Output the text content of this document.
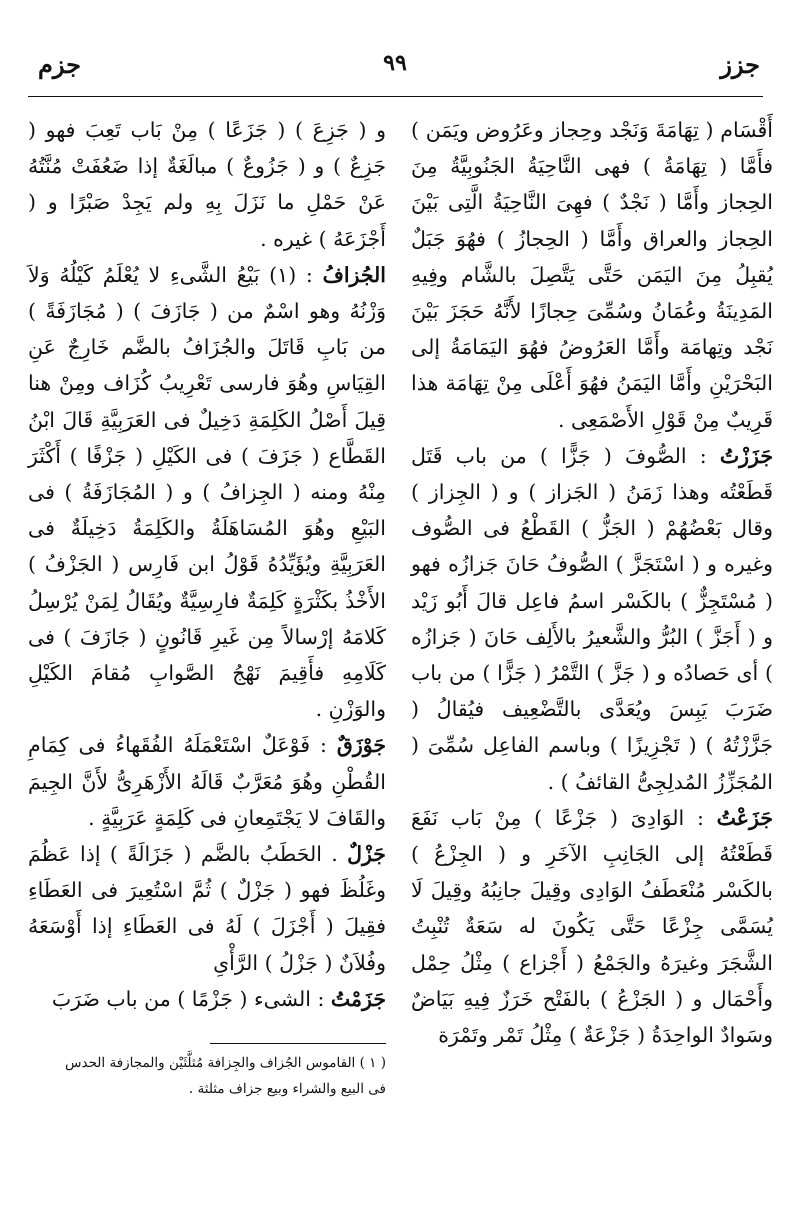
جزز
٩٩
جزم

أَقْسَام ( تِهَامَةَ وَنَجْد وحِجاز وعَرُوض ويَمَن ) فأَمَّا ( تِهَامَةُ ) فهى النَّاحِيَةُ الجَنُوبِيَّةُ مِنَ الحِجاز وأَمَّا ( نَجْدٌ ) فهِىَ النَّاحِيَةُ الَّتِى بَيْنَ الحِجاز والعراق وأَمَّا ( الحِجازُ ) فهُوَ جَبَلٌ يُقبِلُ مِنَ اليَمَن حَتَّى يَتَّصِلَ بالشَّام وفِيهِ المَدِينَةُ وعُمَانُ وسُمِّىَ حِجازًا لأَنَّهُ حَجَزَ بَيْنَ نَجْد وتِهامَة وأَمَّا العَرُوضُ فهُوَ اليَمَامَةُ إلى البَحْرَيْنِ وأَمَّا اليَمَنُ فهُوَ أَعْلَى مِنْ تِهَامَة هذا قَرِيبٌ مِنْ قَوْلِ الأَصْمَعِى .

جَزَزْتُ : الصُّوفَ ( جَزًّا ) من باب قَتَل قَطَعْتُه وهذا زَمَنُ ( الجَزاز ) و ( الجِزاز ) وقال بَعْضُهُمْ ( الجَزُّ ) القَطْعُ فى الصُّوف وغيره و ( اسْتَجَزَّ ) الصُّوفُ حَانَ جَزازُه فهو ( مُسْتَجِزٌّ ) بالكَسْر اسمُ فاعِل قالَ أَبُو زَيْد و ( أَجَزَّ ) البُرُّ والشَّعيرُ بالأَلِف حَانَ ( جَزازُه ) أى حَصادُه و ( جَزَّ ) التَّمْرُ ( جَزًّا ) من باب ضَرَبَ يَبِسَ ويُعَدَّى بالتَّضْعِيف فيُقالُ ( جَزَّزْتُهُ ) ( تَجْزِيزًا ) وباسم الفاعِل سُمِّىَ ( المُجَزِّزُ المُدلِجِىُّ القائفُ ) .

جَزَعْتُ : الوَادِىَ ( جَزْعًا ) مِنْ بَاب نَفَعَ قَطَعْتُهُ إلى الجَانِبِ الآخَرِ و ( الجِزْعُ ) بالكَسْر مُنْعَطَفُ الوَادِى وقِيلَ جانِبُهُ وقِيلَ لَا يُسَمَّى جِزْعًا حَتَّى يَكُونَ له سَعَةٌ تُنْبِتُ الشَّجَرَ وغيرَهُ والجَمْعُ ( أَجْزاع ) مِثْلُ حِمْل وأَحْمَال و ( الجَزْعُ ) بالفَتْح خَرَزٌ فِيهِ بَيَاضٌ وسَوادٌ الواحِدَةُ ( جَزْعَةٌ ) مِثْلُ تَمْر وتَمْرَة

و ( جَزِعَ ) ( جَزَعًا ) مِنْ بَاب تَعِبَ فهو ( جَزِعٌ ) و ( جَزُوعٌ ) مبالَغَةٌ إذا ضَعُفَتْ مُنَّتُهُ عَنْ حَمْلِ ما نَزَلَ بِهِ ولم يَجِدْ صَبْرًا و ( أَجْزَعَهُ ) غيره .

الجُزافُ : (١) بَيْعُ الشَّىءِ لا يُعْلَمُ كَيْلُهُ وَلاَ وَزْنُهُ وهو اسْمٌ من ( جَازَفَ ) ( مُجَازَفَةً ) من بَابِ قَاتَلَ والجُزَافُ بالضَّم خَارِجٌ عَنِ القِيَاسِ وهُوَ فارسى تَعْرِيبُ كُزَاف ومِنْ هنا قِيلَ أَصْلُ الكَلِمَةِ دَخِيلٌ فى العَرَبِيَّةِ قَالَ ابْنُ القَطَّاع ( جَزَفَ ) فى الكَيْلِ ( جَزْفًا ) أَكْثَرَ مِنْهُ ومنه ( الجِزافُ ) و ( المُجَازَفَةُ ) فى البَيْعِ وهُوَ المُسَاهَلَةُ والكَلِمَةُ دَخِيلَةٌ فى العَرَبِيَّةِ ويُؤَيِّدُهُ قَوْلُ ابن فَارِس ( الجَزْفُ ) الأَخْذُ بكَثْرَةٍ كَلِمَةٌ فارِسِيَّةٌ ويُقَالُ لِمَنْ يُرْسِلُ كَلامَهُ إرْسالاً مِن غَيرِ قَانُونٍ ( جَازَفَ ) فى كَلَامِهِ فأَقِيمَ نَهْجُ الصَّوابِ مُقامَ الكَيْلِ والوَزْنِ .

جَوْزَقٌ : فَوْعَلٌ اسْتَعْمَلَهُ الفُقَهاءُ فى كِمَامِ القُطْنِ وهُوَ مُعَرَّبٌ قَالَهُ الأَزْهَرِىُّ لأَنَّ الجِيمَ والقَافَ لا يَجْتَمِعانِ فى كَلِمَةٍ عَرَبِيَّةٍ .

جَزْلٌ . الحَطَبُ بالضَّم ( جَزَالَةً ) إذا عَظُمَ وغَلُظَ فهو ( جَزْلٌ ) ثُمَّ اسْتُعِيرَ فى العَطَاءِ فقِيلَ ( أَجْزَلَ ) لَهُ فى العَطَاءِ إذا أَوْسَعَهُ وفُلاَنٌ ( جَزْلُ ) الرَّأْىِ

جَزَمْتُ : الشىء ( جَزْمًا ) من باب ضَرَبَ

( ١ ) القاموس الجُزاف والجِزافة مُثلَّثَيْن والمجازفة الحدس
فى البيع والشراء وبيع جزاف مثلثة .
